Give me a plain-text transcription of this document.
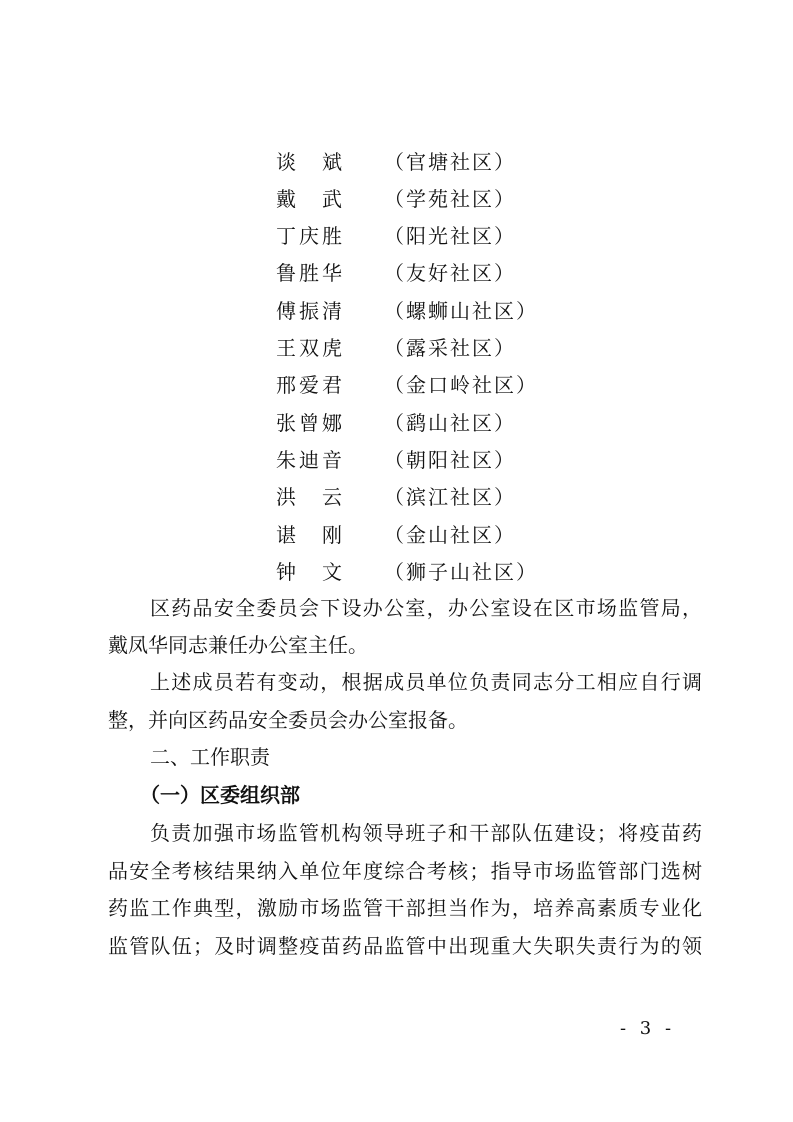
谈　斌 （官塘社区）
戴　武 （学苑社区）
丁庆胜 （阳光社区）
鲁胜华 （友好社区）
傅振清 （螺蛳山社区）
王双虎 （露采社区）
邢爱君 （金口岭社区）
张曾娜 （鹞山社区）
朱迪音 （朝阳社区）
洪　云 （滨江社区）
谌　刚 （金山社区）
钟　文 （狮子山社区）
区药品安全委员会下设办公室，办公室设在区市场监管局，
戴凤华同志兼任办公室主任。
上述成员若有变动，根据成员单位负责同志分工相应自行调
整，并向区药品安全委员会办公室报备。
二、工作职责
（一）区委组织部
负责加强市场监管机构领导班子和干部队伍建设；将疫苗药
品安全考核结果纳入单位年度综合考核；指导市场监管部门选树
药监工作典型，激励市场监管干部担当作为，培养高素质专业化
监管队伍；及时调整疫苗药品监管中出现重大失职失责行为的领
- 3 -
